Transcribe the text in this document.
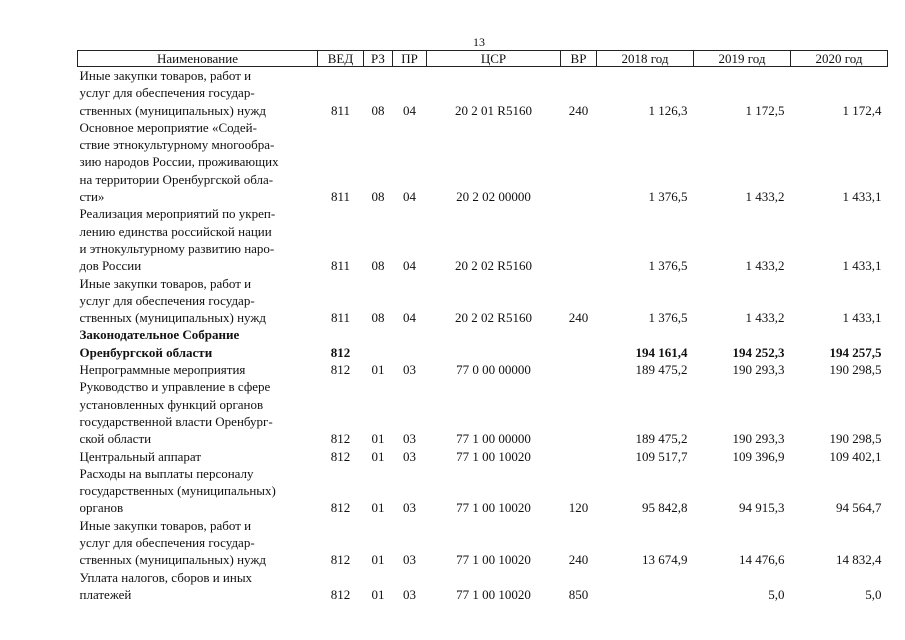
13
Наименование	ВЕД	РЗ	ПР	ЦСР	ВР	2018 год	2019 год	2020 год

Иные закупки товаров, работ и
услуг для обеспечения государ-
ственных (муниципальных) нужд	811	08	04	20 2 01 R5160	240	1 126,3	1 172,5	1 172,4

Основное мероприятие «Содей-
ствие этнокультурному многообра-
зию народов России, проживающих
на территории Оренбургской обла-
сти»	811	08	04	20 2 02 00000		1 376,5	1 433,2	1 433,1

Реализация мероприятий по укреп-
лению единства российской нации
и этнокультурному развитию наро-
дов России	811	08	04	20 2 02 R5160		1 376,5	1 433,2	1 433,1

Иные закупки товаров, работ и
услуг для обеспечения государ-
ственных (муниципальных) нужд	811	08	04	20 2 02 R5160	240	1 376,5	1 433,2	1 433,1

Законодательное Собрание
Оренбургской области	812					194 161,4	194 252,3	194 257,5

Непрограммные мероприятия	812	01	03	77 0 00 00000		189 475,2	190 293,3	190 298,5

Руководство и управление в сфере
установленных функций органов
государственной власти Оренбург-
ской области	812	01	03	77 1 00 00000		189 475,2	190 293,3	190 298,5

Центральный аппарат	812	01	03	77 1 00 10020		109 517,7	109 396,9	109 402,1

Расходы на выплаты персоналу
государственных (муниципальных)
органов	812	01	03	77 1 00 10020	120	95 842,8	94 915,3	94 564,7

Иные закупки товаров, работ и
услуг для обеспечения государ-
ственных (муниципальных) нужд	812	01	03	77 1 00 10020	240	13 674,9	14 476,6	14 832,4

Уплата налогов, сборов и иных
платежей	812	01	03	77 1 00 10020	850		5,0	5,0
